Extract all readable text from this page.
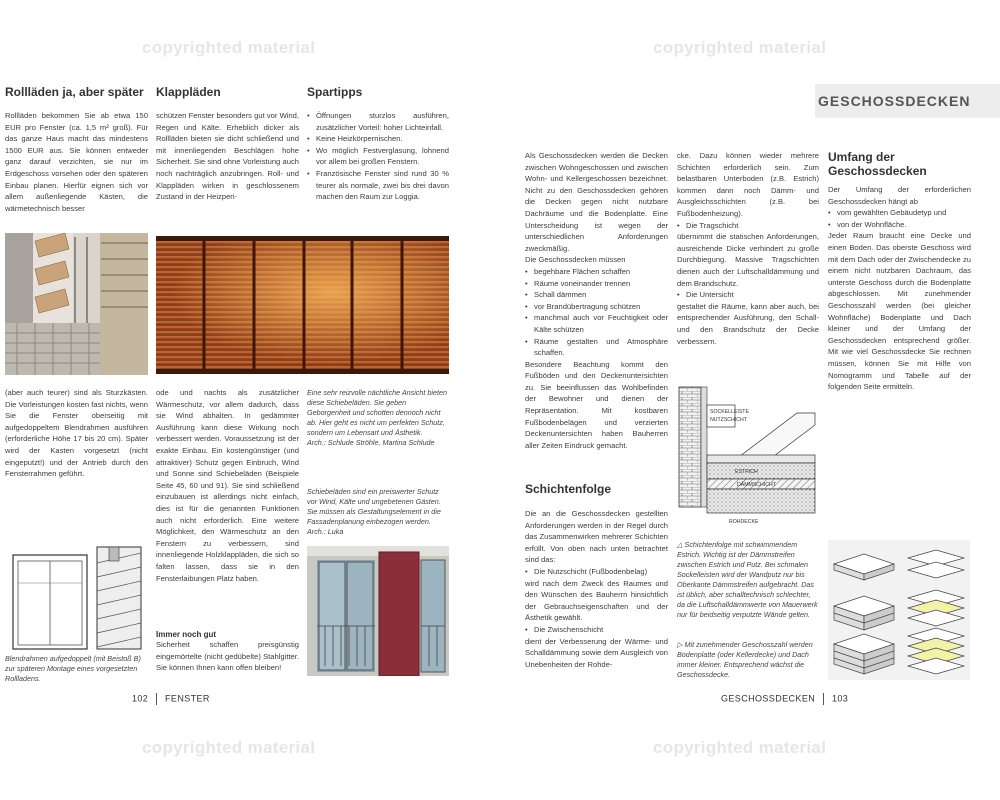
copyrighted material	copyrighted material
copyrighted material	copyrighted material
Rollläden ja, aber später
Rollläden bekommen Sie ab etwa 150 EUR pro Fenster (ca. 1,5 m² groß). Für das ganze Haus macht das mindestens 1500 EUR aus. Sie können entweder ganz darauf verzichten, sie nur im Erdgeschoss vorsehen oder den späteren Einbau planen. Hierfür eignen sich vor allem außenliegende Kästen, die wärmetechnisch besser
(aber auch teurer) sind als Sturzkästen. Die Vorleistungen kosten fast nichts, wenn Sie die Fenster oberseitig mit aufgedoppeltem Blendrahmen ausführen (erforderliche Höhe 17 bis 20 cm). Später wird der Kasten vorgesetzt (nicht eingeputzt!) und der Antrieb durch den Fensterrahmen geführt.
Blendrahmen aufgedoppelt (mit Beistoß B) zur späteren Montage eines vorgesetzten Rollladens.
Klappläden
schützen Fenster besonders gut vor Wind, Regen und Kälte. Erheblich dicker als Rollläden bieten sie dicht schließend und mit innenliegenden Beschlägen hohe Sicherheit. Sie sind ohne Vorleistung auch noch nachträglich anzubringen. Roll- und Klappläden wirken in geschlossenem Zustand in der Heizperi-
Spartipps
• Öffnungen sturzlos ausführen, zusätzlicher Vorteil: hoher Lichteinfall.
• Keine Heizkörpernischen.
• Wo möglich Festverglasung, lohnend vor allem bei großen Fenstern.
• Französische Fenster sind rund 30 % teurer als normale, zwei bis drei davon machen den Raum zur Loggia.
ode und nachts als zusätzlicher Wärmeschutz, vor allem dadurch, dass sie Wind abhalten. In gedämmter Ausführung kann diese Wirkung noch verbessert werden. Voraussetzung ist der exakte Einbau. Ein kostengünstiger (und attraktiver) Schutz gegen Einbruch, Wind und Sonne sind Schiebeläden (Beispiele Seite 45, 60 und 91). Sie sind schließend einzubauen ist allerdings nicht einfach, dies ist für die genannten Funktionen auch nicht erforderlich. Eine weitere Möglichkeit, den Wärmeschutz an den Fenstern zu verbessern, sind innenliegende Holzklappläden, die sich so falten lassen, dass sie in den Fensterlaibungen Platz haben.
Immer noch gut
Sicherheit schaffen preisgünstig eingemörtelte (nicht gedübelte) Stahlgitter. Sie können Ihnen kann offen bleiben!
Eine sehr reizvolle nächtliche Ansicht bieten diese Schiebeläden. Sie geben Geborgenheit und schotten dennoch nicht ab. Hier geht es nicht um perfekten Schutz, sondern um Lebensart und Ästhetik.
Arch.: Schlude Ströhle, Martina Schlude
Schiebeläden sind ein preiswerter Schutz vor Wind, Kälte und ungebetenen Gästen. Sie müssen als Gestaltungselement in die Fassadenplanung einbezogen werden. Arch.: Luka
102 FENSTER
GESCHOSSDECKEN

Als Geschossdecken werden die Decken zwischen Wohngeschossen und zwischen Wohn- und Kellergeschossen bezeichnet. Nicht zu den Geschossdecken gehören die Decken gegen nicht nutzbare Dachräume und die Bodenplatte. Eine Unterscheidung ist wegen der unterschiedlichen Anforderungen zweckmäßig.

Die Geschossdecken müssen

• begehbare Flächen schaffen
• Räume voneinander trennen
• Schall dämmen
• vor Brandübertragung schützen
• manchmal auch vor Feuchtigkeit oder Kälte schützen
• Räume gestalten und Atmosphäre schaffen.

Besondere Beachtung kommt den Fußböden und den Deckenuntersichten zu. Sie beeinflussen das Wohlbefinden der Bewohner und dienen der Repräsentation. Mit kostbaren Fußbodenbelägen und verzierten Deckenuntersichten haben Bauherren aller Zeiten Eindruck gemacht.

Schichtenfolge

Die an die Geschossdecken gestellten Anforderungen werden in der Regel durch das Zusammenwirken mehrerer Schichten erfüllt. Von oben nach unten betrachtet sind das:

• Die Nutzschicht (Fußbodenbelag)

wird nach dem Zweck des Raumes und den Wünschen des Bauherrn hinsichtlich der Gebrauchseigenschaften und der Ästhetik gewählt.

• Die Zwischenschicht

dient der Verbesserung der Wärme- und Schalldämmung sowie dem Ausgleich von Unebenheiten der Rohde-

cke. Dazu können wieder mehrere Schichten erforderlich sein. Zum belastbaren Unterboden (z.B. Estrich) kommen dann noch Dämm- und Ausgleichsschichten (z.B. bei Fußbodenheizung).

• Die Tragschicht

übernimmt die statischen Anforderungen, ausreichende Dicke verhindert zu große Durchbiegung. Massive Tragschichten dienen auch der Luftschalldämmung und dem Brandschutz.

• Die Untersicht

gestaltet die Räume, kann aber auch, bei entsprechender Ausführung, den Schall- und den Brandschutz der Decke verbessern.

SOCKELLEISTE
NUTZSCHICHT
ESTRICH
DÄMMSCHICHT
ROHDECKE
△ Schichtenfolge mit schwimmendem Estrich. Wichtig ist der Dämmstreifen zwischen Estrich und Putz. Bei schmalen Sockelleisten wird der Wandputz nur bis Oberkante Dämmstreifen aufgebracht. Das ist üblich, aber schalltechnisch schlechter, da die Luftschalldämmwerte von Mauerwerk nur für beidseitig verputzte Wände gelten.
▷ Mit zunehmender Geschosszahl werden Bodenplatte (oder Kellerdecke) und Dach immer kleiner. Entsprechend wächst die Geschossdecke.
Umfang der Geschossdecken

Der Umfang der erforderlichen Geschossdecken hängt ab

• vom gewählten Gebäudetyp und
• von der Wohnfläche.

Jeder Raum braucht eine Decke und einen Boden. Das oberste Geschoss wird mit dem Dach oder der Zwischendecke zu einem nicht nutzbaren Dachraum, das unterste Geschoss durch die Bodenplatte abgeschlossen. Mit zunehmender Geschosszahl werden (bei gleicher Wohnfläche) Bodenplatte und Dach kleiner und der Umfang der Geschossdecken entsprechend größer. Mit wie viel Geschossdecke Sie rechnen müssen, können Sie mit Hilfe von Nomogramm und Tabelle auf der folgenden Seite ermitteln.

GESCHOSSDECKEN 103
